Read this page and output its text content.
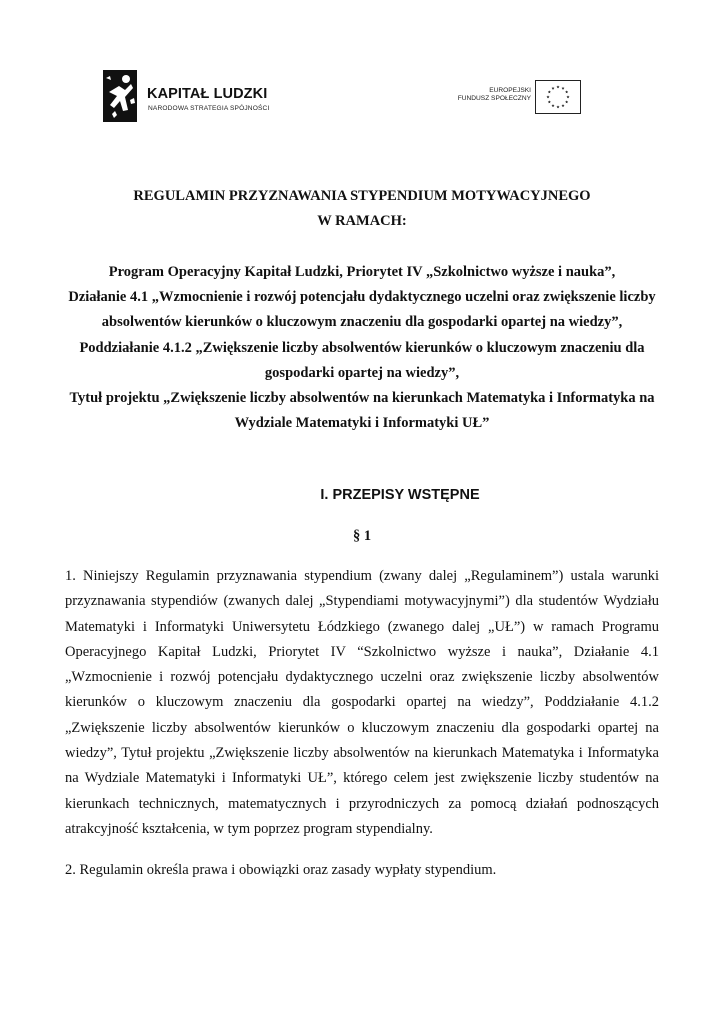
KAPITAŁ LUDZKI
NARODOWA STRATEGIA SPÓJNOŚCI
EUROPEJSKI
FUNDUSZ SPOŁECZNY
REGULAMIN PRZYZNAWANIA STYPENDIUM MOTYWACYJNEGO
W RAMACH:
Program Operacyjny Kapitał Ludzki, Priorytet IV „Szkolnictwo wyższe i nauka”,
Działanie 4.1 „Wzmocnienie i rozwój potencjału dydaktycznego uczelni oraz zwiększenie liczby
absolwentów kierunków o kluczowym znaczeniu dla gospodarki opartej na wiedzy”,
Poddziałanie 4.1.2 „Zwiększenie liczby absolwentów kierunków o kluczowym znaczeniu dla
gospodarki opartej na wiedzy”,
Tytuł projektu „Zwiększenie liczby absolwentów na kierunkach Matematyka i Informatyka na
Wydziale Matematyki i Informatyki UŁ”
I. PRZEPISY WSTĘPNE
§ 1
1. Niniejszy Regulamin przyznawania stypendium (zwany dalej „Regulaminem”) ustala warunki przyznawania stypendiów (zwanych dalej „Stypendiami motywacyjnymi”) dla studentów Wydziału Matematyki i Informatyki Uniwersytetu Łódzkiego (zwanego dalej „UŁ”) w ramach Programu Operacyjnego Kapitał Ludzki, Priorytet IV “Szkolnictwo wyższe i nauka”, Działanie 4.1 „Wzmocnienie i rozwój potencjału dydaktycznego uczelni oraz zwiększenie liczby absolwentów kierunków o kluczowym znaczeniu dla gospodarki opartej na wiedzy”, Poddziałanie 4.1.2 „Zwiększenie liczby absolwentów kierunków o kluczowym znaczeniu dla gospodarki opartej na wiedzy”, Tytuł projektu „Zwiększenie liczby absolwentów na kierunkach Matematyka i Informatyka na Wydziale Matematyki i Informatyki UŁ”, którego celem jest zwiększenie liczby studentów na kierunkach technicznych, matematycznych i przyrodniczych za pomocą działań podnoszących atrakcyjność kształcenia, w tym poprzez program stypendialny.
2. Regulamin określa prawa i obowiązki oraz zasady wypłaty stypendium.
